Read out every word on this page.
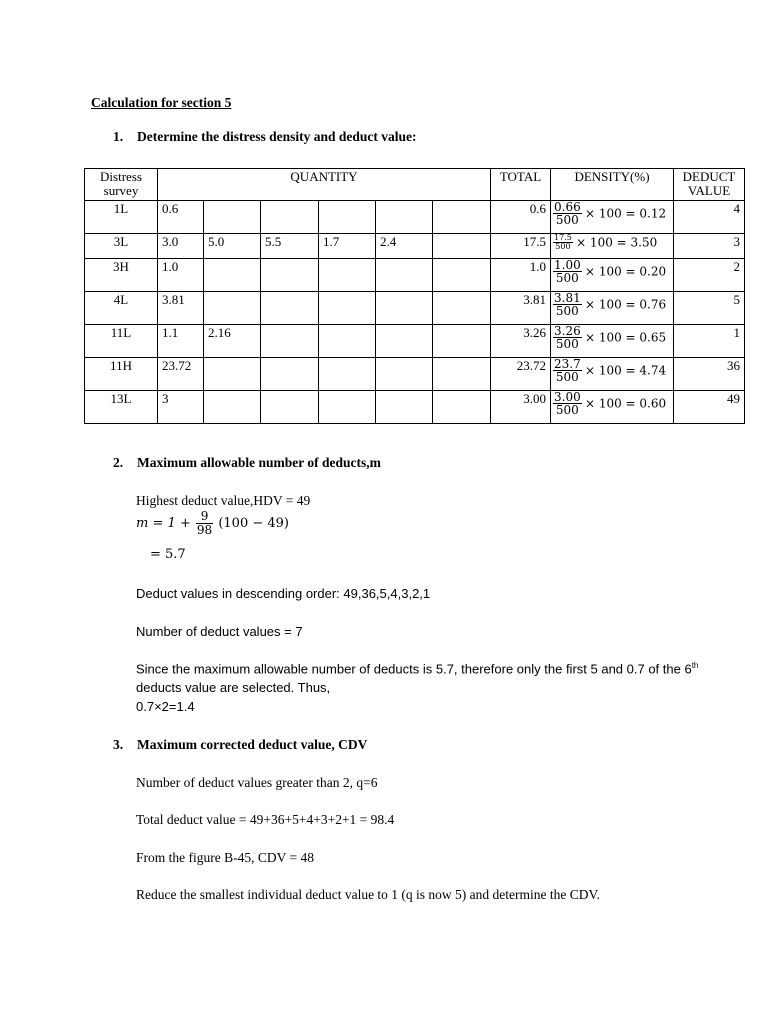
Calculation for section 5
1. Determine the distress density and deduct value:
Distress survey	QUANTITY						TOTAL	DENSITY(%)	DEDUCT VALUE
1L	0.6						0.6	$\frac{0.66}{500} \times 100 = 0.12$	4
3L	3.0	5.0	5.5	1.7	2.4		17.5	$\frac{17.5}{500} \times 100 = 3.50$	3
3H	1.0						1.0	$\frac{1.00}{500} \times 100 = 0.20$	2
4L	3.81						3.81	$\frac{3.81}{500} \times 100 = 0.76$	5
11L	1.1	2.16					3.26	$\frac{3.26}{500} \times 100 = 0.65$	1
11H	23.72						23.72	$\frac{23.7}{500} \times 100 = 4.74$	36
13L	3						3.00	$\frac{3.00}{500} \times 100 = 0.60$	49
2. Maximum allowable number of deducts,m
Highest deduct value,HDV = 49
$m = 1 + \frac{9}{98} (100 - 49)$
= 5.7
Deduct values in descending order: 49,36,5,4,3,2,1
Number of deduct values = 7
Since the maximum allowable number of deducts is 5.7, therefore only the first 5 and 0.7 of the 6th
deducts value are selected. Thus,
0.7×2=1.4
3. Maximum corrected deduct value, CDV
Number of deduct values greater than 2, q=6
Total deduct value = 49+36+5+4+3+2+1 = 98.4
From the figure B-45, CDV = 48
Reduce the smallest individual deduct value to 1 (q is now 5) and determine the CDV.
